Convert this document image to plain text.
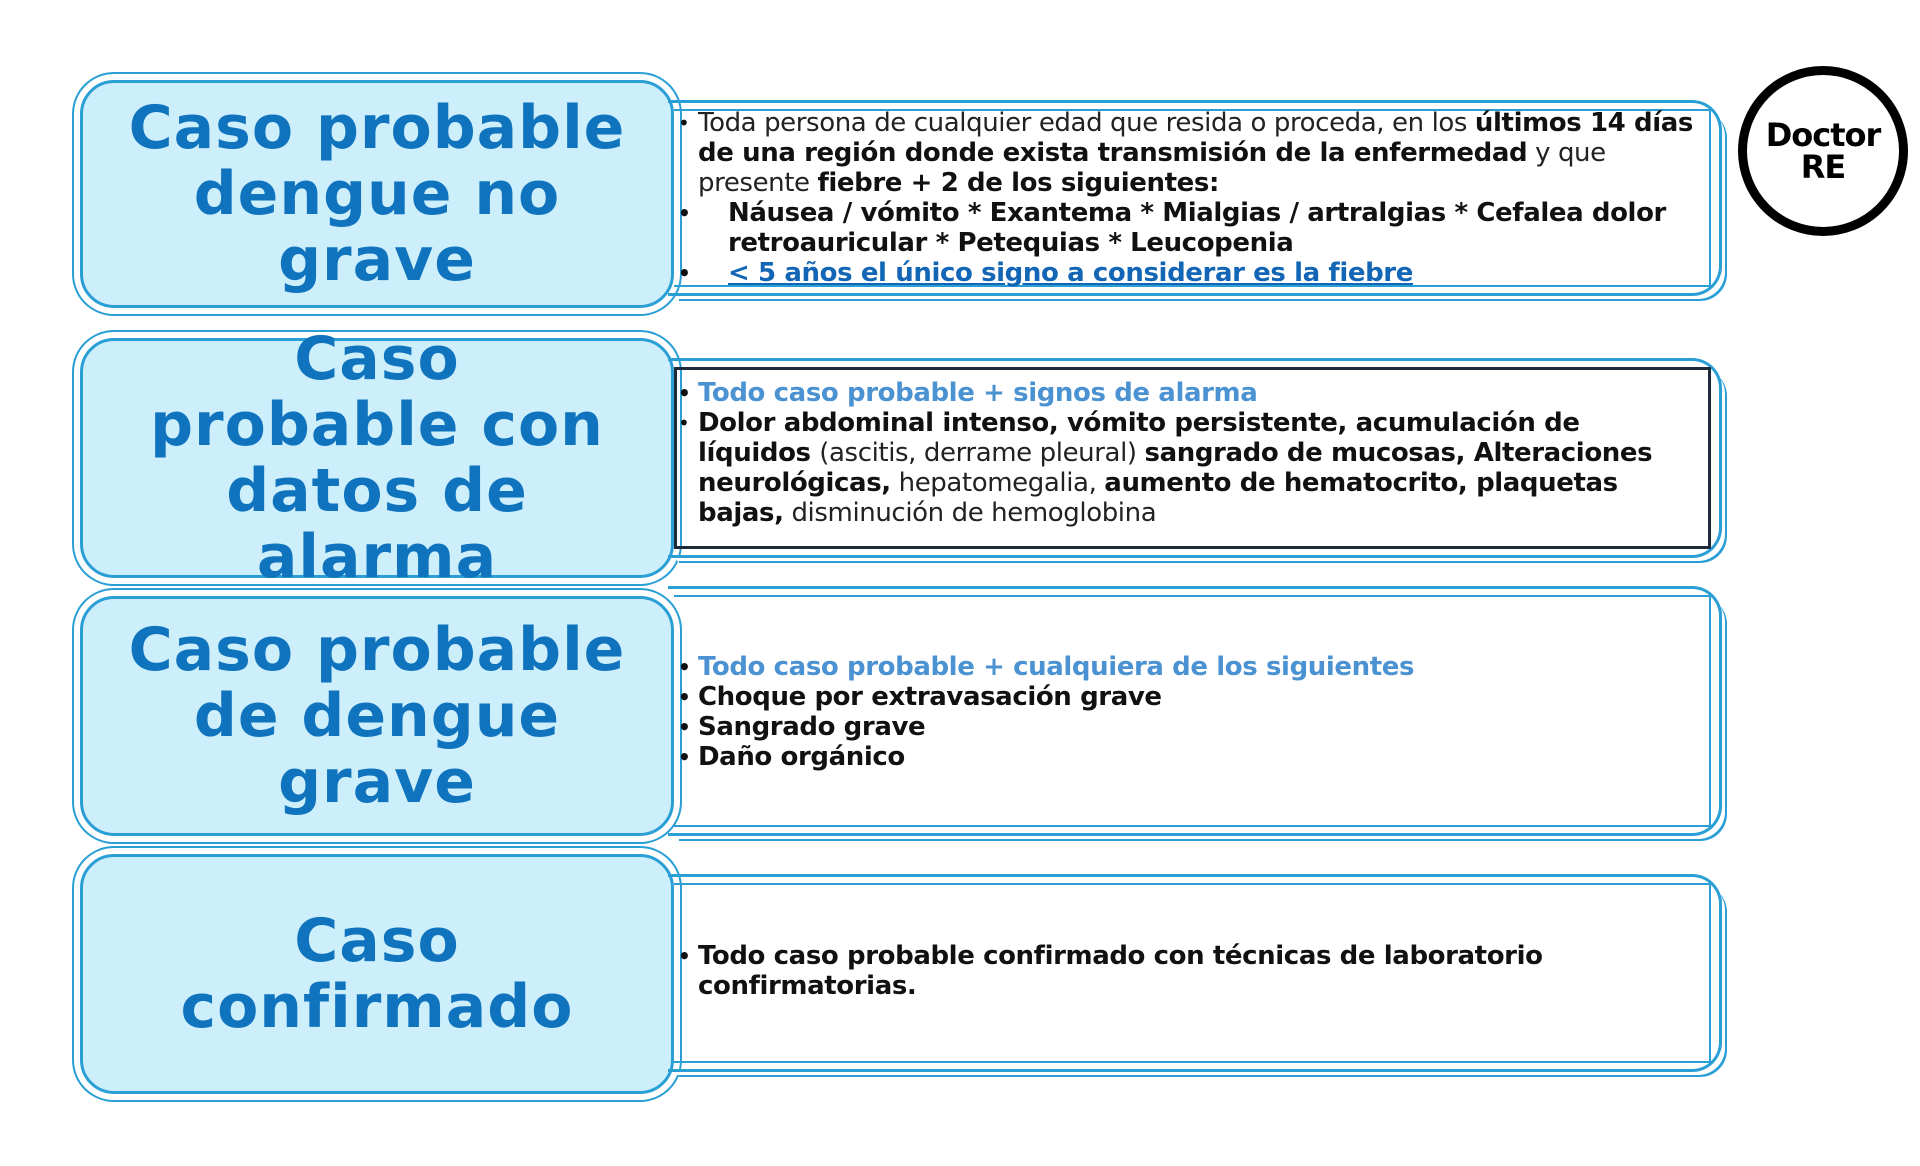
Caso probable dengue no grave
• Toda persona de cualquier edad que resida o proceda, en los últimos 14 días de una región donde exista transmisión de la enfermedad y que presente fiebre + 2 de los siguientes:
• Náusea / vómito * Exantema * Mialgias / artralgias * Cefalea dolor retroauricular * Petequias * Leucopenia
• < 5 años el único signo a considerar es la fiebre
Caso probable con datos de alarma
• Todo caso probable + signos de alarma
• Dolor abdominal intenso, vómito persistente, acumulación de líquidos (ascitis, derrame pleural) sangrado de mucosas, Alteraciones neurológicas, hepatomegalia, aumento de hematocrito, plaquetas bajas, disminución de hemoglobina
Caso probable de dengue grave
• Todo caso probable + cualquiera de los siguientes
• Choque por extravasación grave
• Sangrado grave
• Daño orgánico
Caso confirmado
• Todo caso probable confirmado con técnicas de laboratorio confirmatorias.
Doctor
RE
